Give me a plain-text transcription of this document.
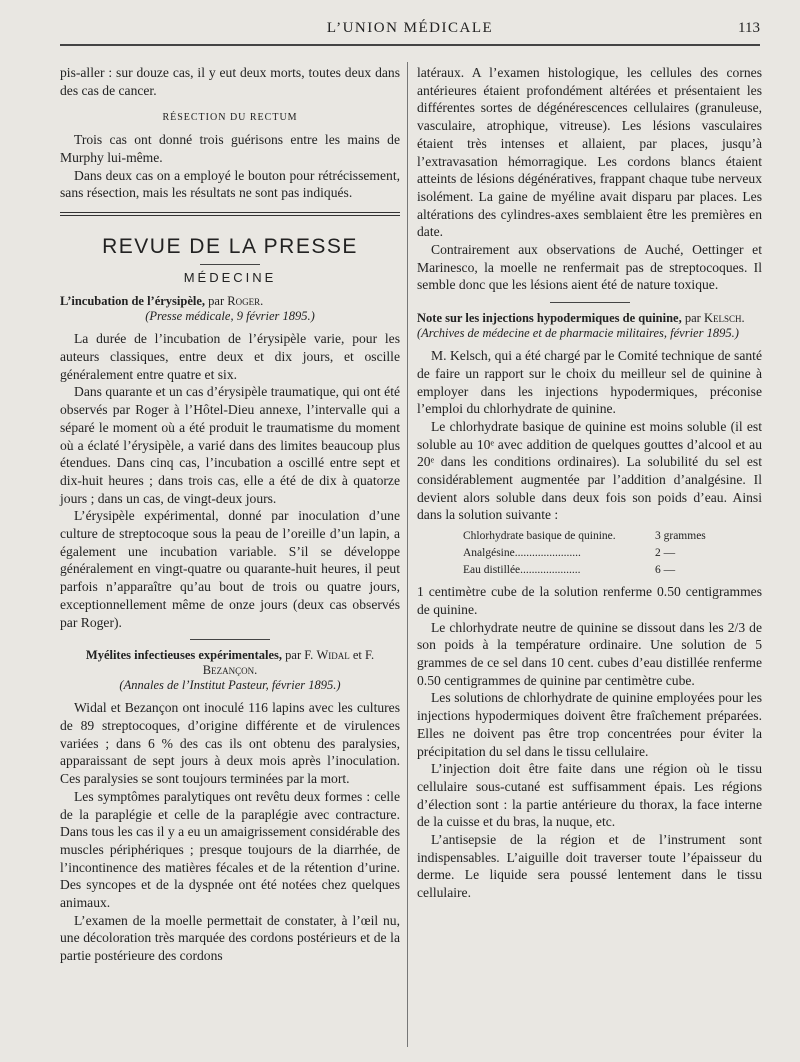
L’UNION MÉDICALE	113

pis-aller : sur douze cas, il y eut deux morts, toutes deux dans des cas de cancer.

RÉSECTION DU RECTUM

Trois cas ont donné trois guérisons entre les mains de Murphy lui-même.

Dans deux cas on a employé le bouton pour rétrécissement, sans résection, mais les résultats ne sont pas indiqués.

REVUE DE LA PRESSE
MÉDECINE
L’incubation de l’érysipèle, par Roger.
(Presse médicale, 9 février 1895.)

La durée de l’incubation de l’érysipèle varie, pour les auteurs classiques, entre deux et dix jours, et oscille généralement entre quatre et six.

Dans quarante et un cas d’érysipèle traumatique, qui ont été observés par Roger à l’Hôtel-Dieu annexe, l’intervalle qui a séparé le moment où a été produit le traumatisme du moment où a éclaté l’érysipèle, a varié dans des limites beaucoup plus étendues. Dans cinq cas, l’incubation a oscillé entre sept et dix-huit heures ; dans trois cas, elle a été de dix à quatorze jours ; dans un cas, de vingt-deux jours.

L’érysipèle expérimental, donné par inoculation d’une culture de streptocoque sous la peau de l’oreille d’un lapin, a également une incubation variable. S’il se développe généralement en vingt-quatre ou quarante-huit heures, il peut parfois n’apparaître qu’au bout de trois ou quatre jours, exceptionnellement même de onze jours (deux cas observés par Roger).

Myélites infectieuses expérimentales, par F. Widal et F. Bezançon.
(Annales de l’Institut Pasteur, février 1895.)

Widal et Bezançon ont inoculé 116 lapins avec les cultures de 89 streptocoques, d’origine différente et de virulences variées ; dans 6 % des cas ils ont obtenu des paralysies, apparaissant de sept jours à deux mois après l’inoculation. Ces paralysies se sont toujours terminées par la mort.

Les symptômes paralytiques ont revêtu deux formes : celle de la paraplégie et celle de la paraplégie avec contracture. Dans tous les cas il y a eu un amaigrissement considérable des muscles périphériques ; presque toujours de la diarrhée, de l’incontinence des matières fécales et de la rétention d’urine. Des syncopes et de la dyspnée ont été notées chez quelques animaux.

L’examen de la moelle permettait de constater, à l’œil nu, une décoloration très marquée des cordons postérieurs et de la partie postérieure des cordons

latéraux. A l’examen histologique, les cellules des cornes antérieures étaient profondément altérées et présentaient les différentes sortes de dégénérescences cellulaires (granuleuse, vasculaire, atrophique, vitreuse). Les lésions vasculaires étaient très intenses et allaient, par places, jusqu’à l’extravasation hémorragique. Les cordons blancs étaient atteints de lésions dégénératives, frappant chaque tube nerveux isolément. La gaine de myéline avait disparu par places. Les altérations des cylindres-axes semblaient être les premières en date.

Contrairement aux observations de Auché, Oettinger et Marinesco, la moelle ne renfermait pas de streptocoques. Il semble donc que les lésions aient été de nature toxique.

Note sur les injections hypodermiques de quinine, par Kelsch. (Archives de médecine et de pharmacie militaires, février 1895.)

M. Kelsch, qui a été chargé par le Comité technique de santé de faire un rapport sur le choix du meilleur sel de quinine à employer dans les injections hypodermiques, préconise l’emploi du chlorhydrate de quinine.

Le chlorhydrate basique de quinine est moins soluble (il est soluble au 10ᵉ avec addition de quelques gouttes d’alcool et au 20ᵉ dans les conditions ordinaires). La solubilité du sel est considérablement augmentée par l’addition d’analgésine. Il devient alors soluble dans deux fois son poids d’eau. Ainsi dans la solution suivante :

Chlorhydrate basique de quinine.	3 grammes
Analgésine.......................	2 —
Eau distillée.....................	6 —

1 centimètre cube de la solution renferme 0.50 centigrammes de quinine.

Le chlorhydrate neutre de quinine se dissout dans les 2/3 de son poids à la température ordinaire. Une solution de 5 grammes de ce sel dans 10 cent. cubes d’eau distillée renferme 0.50 centigrammes de quinine par centimètre cube.

Les solutions de chlorhydrate de quinine employées pour les injections hypodermiques doivent être fraîchement préparées. Elles ne doivent pas être trop concentrées pour éviter la précipitation du sel dans le tissu cellulaire.

L’injection doit être faite dans une région où le tissu cellulaire sous-cutané est suffisamment épais. Les régions d’élection sont : la partie antérieure du thorax, la face interne de la cuisse et du bras, la nuque, etc.

L’antisepsie de la région et de l’instrument sont indispensables. L’aiguille doit traverser toute l’épaisseur du derme. Le liquide sera poussé lentement dans le tissu cellulaire.
